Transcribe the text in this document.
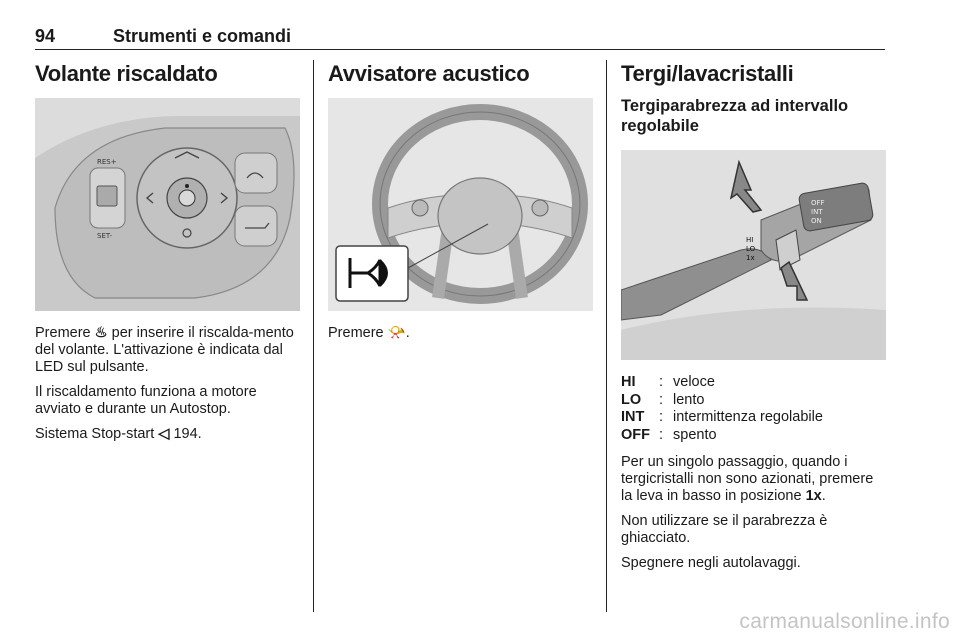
94	Strumenti e comandi
Volante riscaldato
RES+
SET-

Premere ♨ per inserire il riscalda-mento del volante. L'attivazione è indicata dal LED sul pulsante.

Il riscaldamento funziona a motore avviato e durante un Autostop.

Sistema Stop-start ◁ 194.

Avvisatore acustico

Premere 📯.

Tergi/lavacristalli
Tergiparabrezza ad intervallo regolabile
OFF
INT
ON
HI
LO
1x
HI	: veloce
LO	: lento
INT	: intermittenza regolabile
OFF : spento

Per un singolo passaggio, quando i tergicristalli non sono azionati, premere la leva in basso in posizione 1x.

Non utilizzare se il parabrezza è ghiacciato.

Spegnere negli autolavaggi.

carmanualsonline.info
